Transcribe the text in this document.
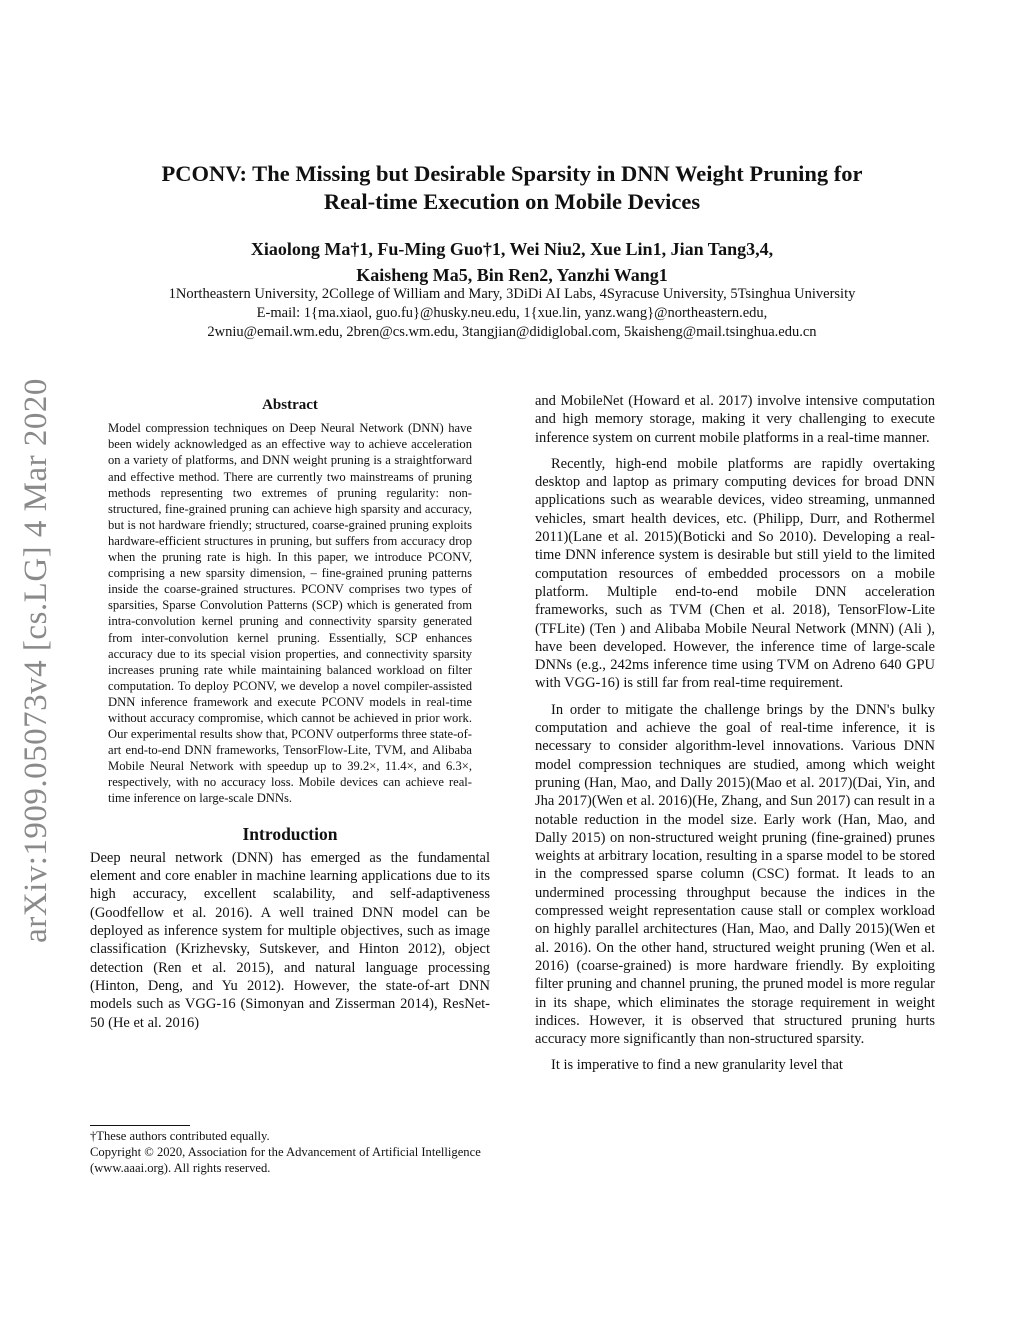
arXiv:1909.05073v4 [cs.LG] 4 Mar 2020
PCONV: The Missing but Desirable Sparsity in DNN Weight Pruning for
Real-time Execution on Mobile Devices
Xiaolong Ma†1, Fu-Ming Guo†1, Wei Niu2, Xue Lin1, Jian Tang3,4,
Kaisheng Ma5, Bin Ren2, Yanzhi Wang1
1Northeastern University, 2College of William and Mary, 3DiDi AI Labs, 4Syracuse University, 5Tsinghua University
E-mail: 1{ma.xiaol, guo.fu}@husky.neu.edu, 1{xue.lin, yanz.wang}@northeastern.edu,
2wniu@email.wm.edu, 2bren@cs.wm.edu, 3tangjian@didiglobal.com, 5kaisheng@mail.tsinghua.edu.cn
Abstract

Model compression techniques on Deep Neural Network (DNN) have been widely acknowledged as an effective way to achieve acceleration on a variety of platforms, and DNN weight pruning is a straightforward and effective method. There are currently two mainstreams of pruning methods representing two extremes of pruning regularity: non-structured, fine-grained pruning can achieve high sparsity and accuracy, but is not hardware friendly; structured, coarse-grained pruning exploits hardware-efficient structures in pruning, but suffers from accuracy drop when the pruning rate is high. In this paper, we introduce PCONV, comprising a new sparsity dimension, – fine-grained pruning patterns inside the coarse-grained structures. PCONV comprises two types of sparsities, Sparse Convolution Patterns (SCP) which is generated from intra-convolution kernel pruning and connectivity sparsity generated from inter-convolution kernel pruning. Essentially, SCP enhances accuracy due to its special vision properties, and connectivity sparsity increases pruning rate while maintaining balanced workload on filter computation. To deploy PCONV, we develop a novel compiler-assisted DNN inference framework and execute PCONV models in real-time without accuracy compromise, which cannot be achieved in prior work. Our experimental results show that, PCONV outperforms three state-of-art end-to-end DNN frameworks, TensorFlow-Lite, TVM, and Alibaba Mobile Neural Network with speedup up to 39.2×, 11.4×, and 6.3×, respectively, with no accuracy loss. Mobile devices can achieve real-time inference on large-scale DNNs.

Introduction

Deep neural network (DNN) has emerged as the fundamental element and core enabler in machine learning applications due to its high accuracy, excellent scalability, and self-adaptiveness (Goodfellow et al. 2016). A well trained DNN model can be deployed as inference system for multiple objectives, such as image classification (Krizhevsky, Sutskever, and Hinton 2012), object detection (Ren et al. 2015), and natural language processing (Hinton, Deng, and Yu 2012). However, the state-of-art DNN models such as VGG-16 (Simonyan and Zisserman 2014), ResNet-50 (He et al. 2016)

†These authors contributed equally.

Copyright © 2020, Association for the Advancement of Artificial Intelligence (www.aaai.org). All rights reserved.

and MobileNet (Howard et al. 2017) involve intensive computation and high memory storage, making it very challenging to execute inference system on current mobile platforms in a real-time manner.

Recently, high-end mobile platforms are rapidly overtaking desktop and laptop as primary computing devices for broad DNN applications such as wearable devices, video streaming, unmanned vehicles, smart health devices, etc. (Philipp, Durr, and Rothermel 2011)(Lane et al. 2015)(Boticki and So 2010). Developing a real-time DNN inference system is desirable but still yield to the limited computation resources of embedded processors on a mobile platform. Multiple end-to-end mobile DNN acceleration frameworks, such as TVM (Chen et al. 2018), TensorFlow-Lite (TFLite) (Ten ) and Alibaba Mobile Neural Network (MNN) (Ali ), have been developed. However, the inference time of large-scale DNNs (e.g., 242ms inference time using TVM on Adreno 640 GPU with VGG-16) is still far from real-time requirement.

In order to mitigate the challenge brings by the DNN's bulky computation and achieve the goal of real-time inference, it is necessary to consider algorithm-level innovations. Various DNN model compression techniques are studied, among which weight pruning (Han, Mao, and Dally 2015)(Mao et al. 2017)(Dai, Yin, and Jha 2017)(Wen et al. 2016)(He, Zhang, and Sun 2017) can result in a notable reduction in the model size. Early work (Han, Mao, and Dally 2015) on non-structured weight pruning (fine-grained) prunes weights at arbitrary location, resulting in a sparse model to be stored in the compressed sparse column (CSC) format. It leads to an undermined processing throughput because the indices in the compressed weight representation cause stall or complex workload on highly parallel architectures (Han, Mao, and Dally 2015)(Wen et al. 2016). On the other hand, structured weight pruning (Wen et al. 2016) (coarse-grained) is more hardware friendly. By exploiting filter pruning and channel pruning, the pruned model is more regular in its shape, which eliminates the storage requirement in weight indices. However, it is observed that structured pruning hurts accuracy more significantly than non-structured sparsity.

It is imperative to find a new granularity level that
